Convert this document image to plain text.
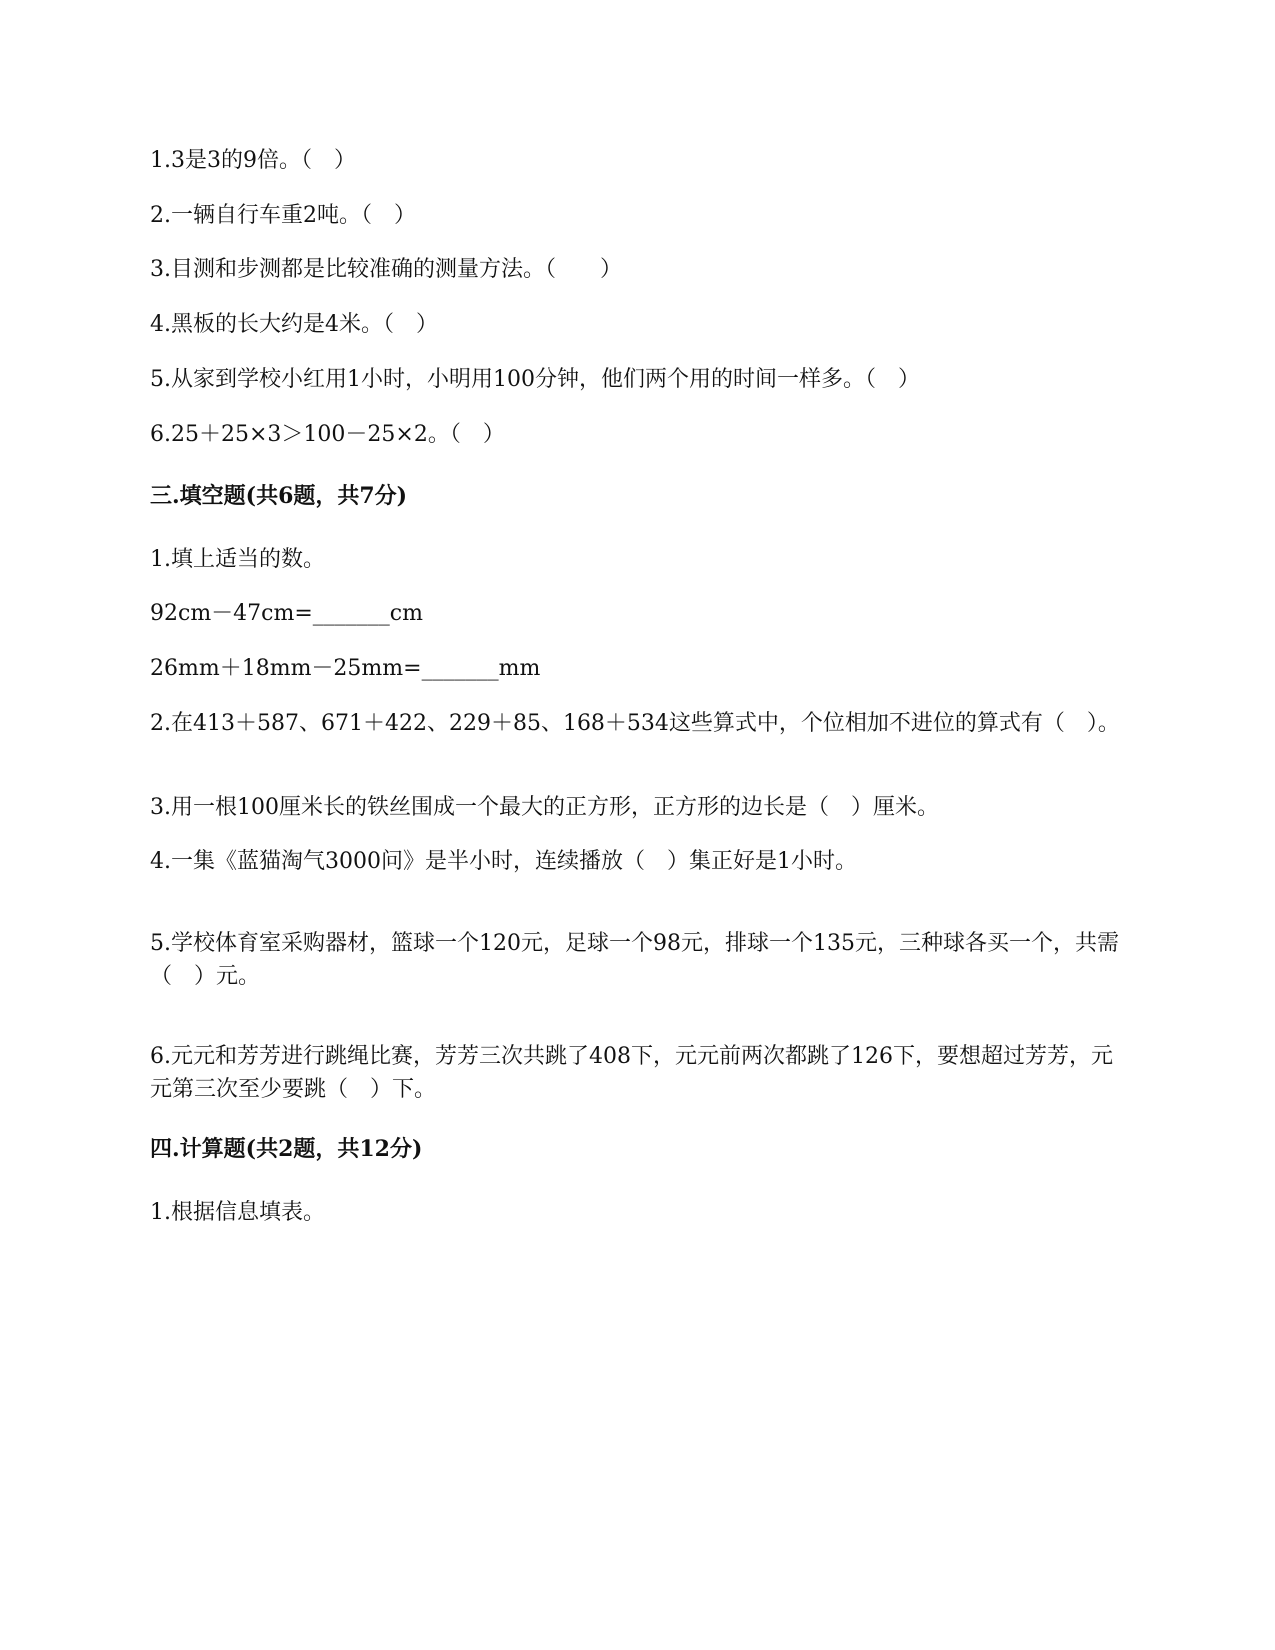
1.3是3的9倍。（　）
2.一辆自行车重2吨。（　）
3.目测和步测都是比较准确的测量方法。（　　）
4.黑板的长大约是4米。（　）
5.从家到学校小红用1小时，小明用100分钟，他们两个用的时间一样多。（　）
6.25＋25×3＞100－25×2。（　）
三.填空题(共6题，共7分)
1.填上适当的数。
92cm－47cm=_______cm
26mm＋18mm－25mm=_______mm
2.在413＋587、671＋422、229＋85、168＋534这些算式中，个位相加不进位的算式有（　）。
3.用一根100厘米长的铁丝围成一个最大的正方形，正方形的边长是（　）厘米。
4.一集《蓝猫淘气3000问》是半小时，连续播放（　）集正好是1小时。
5.学校体育室采购器材，篮球一个120元，足球一个98元，排球一个135元，三种球各买一个，共需（　）元。
6.元元和芳芳进行跳绳比赛，芳芳三次共跳了408下，元元前两次都跳了126下，要想超过芳芳，元元第三次至少要跳（　）下。
四.计算题(共2题，共12分)
1.根据信息填表。
